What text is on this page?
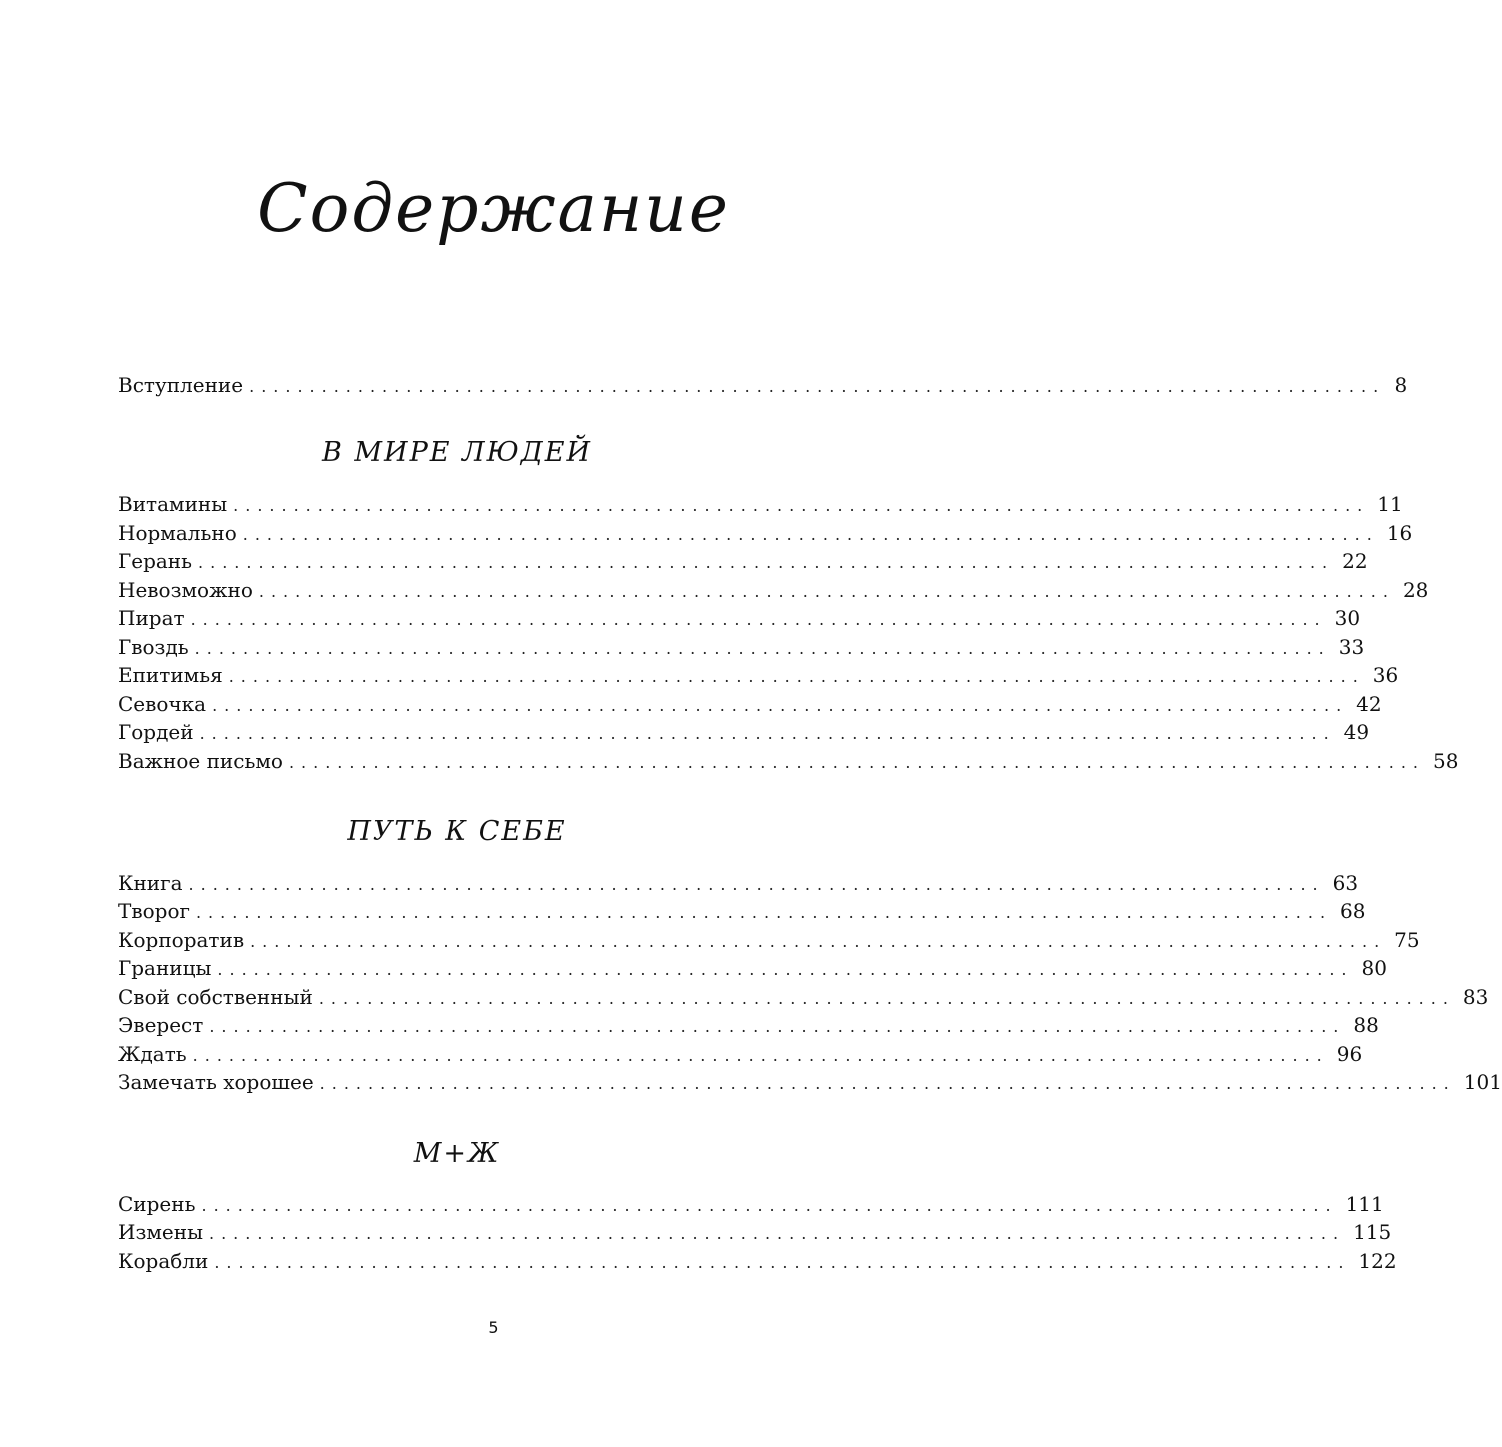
Содержание
Вступление .............................................................................................. 8
В МИРЕ ЛЮДЕЙ
Витамины .............................................................................................. 11
Нормально .............................................................................................. 16
Герань .............................................................................................. 22
Невозможно .............................................................................................. 28
Пират .............................................................................................. 30
Гвоздь .............................................................................................. 33
Епитимья .............................................................................................. 36
Севочка .............................................................................................. 42
Гордей .............................................................................................. 49
Важное письмо .............................................................................................. 58
ПУТЬ К СЕБЕ
Книга .............................................................................................. 63
Творог .............................................................................................. 68
Корпоратив .............................................................................................. 75
Границы .............................................................................................. 80
Свой собственный .............................................................................................. 83
Эверест .............................................................................................. 88
Ждать .............................................................................................. 96
Замечать хорошее .............................................................................................. 101
М+Ж
Сирень .............................................................................................. 111
Измены .............................................................................................. 115
Корабли .............................................................................................. 122
5
